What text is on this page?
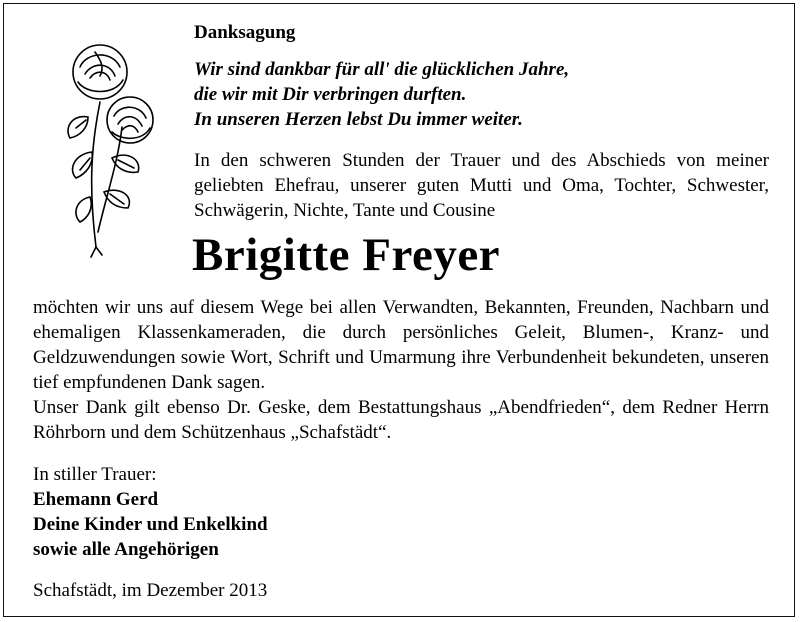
Danksagung
Wir sind dankbar für all' die glücklichen Jahre,
die wir mit Dir verbringen durften.
In unseren Herzen lebst Du immer weiter.
In den schweren Stunden der Trauer und des Abschieds von meiner geliebten Ehefrau, unserer guten Mutti und Oma, Tochter, Schwester, Schwägerin, Nichte, Tante und Cousine
Brigitte Freyer

möchten wir uns auf diesem Wege bei allen Verwandten, Bekannten, Freunden, Nachbarn und ehemaligen Klassenkameraden, die durch persönliches Geleit, Blumen-, Kranz- und Geldzuwendungen sowie Wort, Schrift und Umarmung ihre Verbundenheit bekundeten, unseren tief empfundenen Dank sagen.

Unser Dank gilt ebenso Dr. Geske, dem Bestattungshaus „Abendfrieden“, dem Redner Herrn Röhrborn und dem Schützenhaus „Schafstädt“.

In stiller Trauer:
Ehemann Gerd
Deine Kinder und Enkelkind
sowie alle Angehörigen
Schafstädt, im Dezember 2013
